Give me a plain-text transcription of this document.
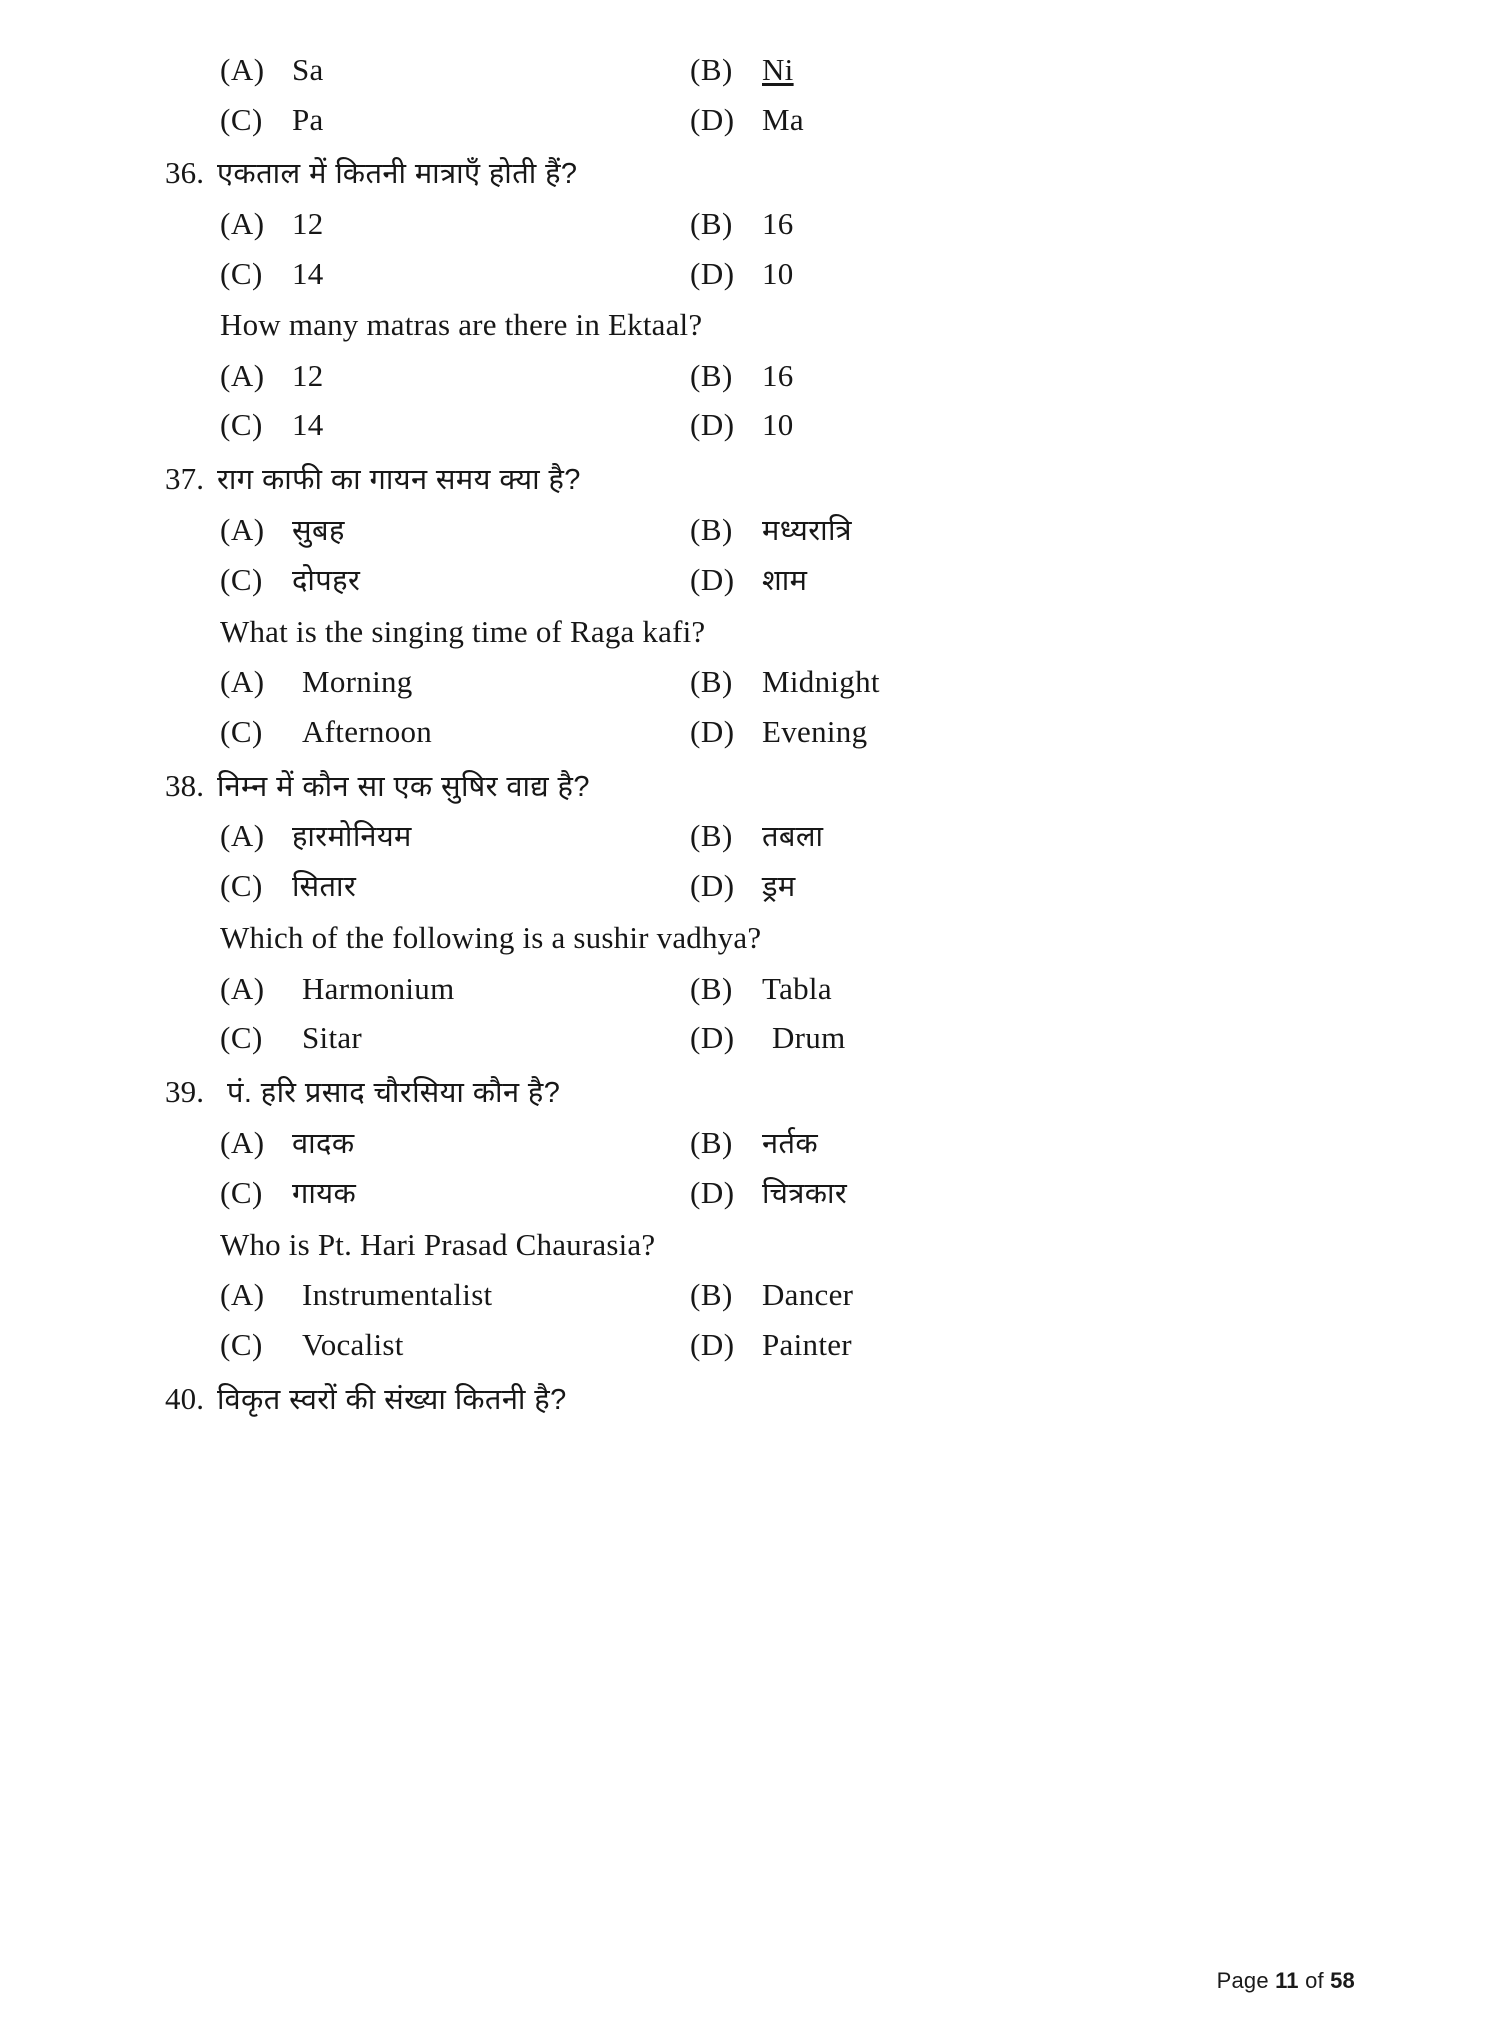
(A) Sa	(B) Ni
(C) Pa	(D) Ma
36. एकताल में कितनी मात्राएँ होती हैं?
(A) 12	(B) 16
(C) 14	(D) 10
How many matras are there in Ektaal?
(A) 12	(B) 16
(C) 14	(D) 10
37. राग काफी का गायन समय क्या है?
(A) सुबह	(B)	मध्यरात्रि
(C)	दोपहर	(D) शाम
What is the singing time of Raga kafi?
(A)	Morning	(B) Midnight
(C)	Afternoon	(D) Evening
38. निम्न में कौन सा एक सुषिर वाद्य है?
(A) हारमोनियम	(B)	तबला
(C)	सितार	(D) ड्रम
Which of the following is a sushir vadhya?
(A)	Harmonium	(B) Tabla
(C)	Sitar	(D)	Drum
39. पं. हरि प्रसाद चौरसिया कौन है?
(A) वादक	(B)	नर्तक
(C)	गायक	(D) चित्रकार
Who is Pt. Hari Prasad Chaurasia?
(A)	Instrumentalist	(B) Dancer
(C)	Vocalist	(D) Painter
40. विकृत स्वरों की संख्या कितनी है?
Page 11 of 58
